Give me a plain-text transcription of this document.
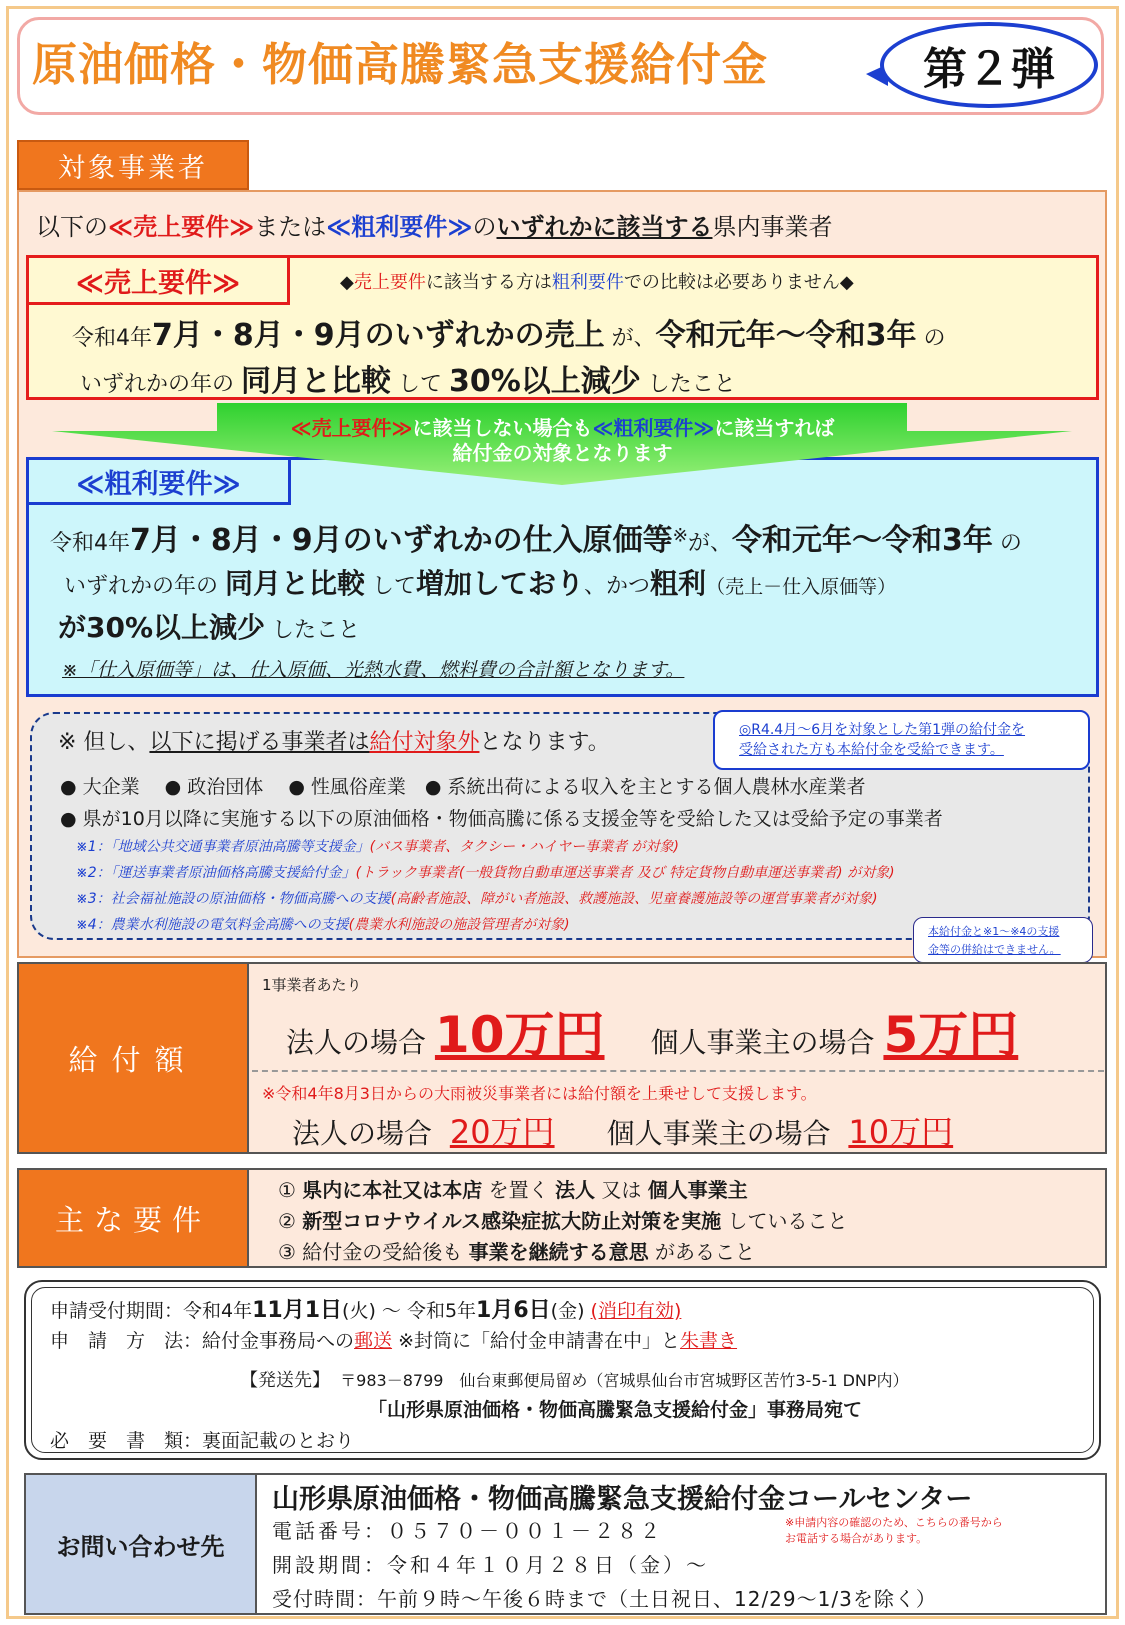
原油価格・物価高騰緊急支援給付金	第２弾
対象事業者
以下の≪売上要件≫または≪粗利要件≫のいずれかに該当する県内事業者
≪売上要件≫	◆売上要件に該当する方は粗利要件での比較は必要ありません◆
令和4年7月・8月・9月のいずれかの売上 が、令和元年～令和3年 の
いずれかの年の 同月と比較 して 30%以上減少 したこと
≪売上要件≫に該当しない場合も≪粗利要件≫に該当すれば
給付金の対象となります
≪粗利要件≫
令和4年7月・8月・9月のいずれかの仕入原価等※が、令和元年～令和3年 の
いずれかの年の 同月と比較 して増加しており、かつ粗利（売上－仕入原価等）
が30%以上減少 したこと
※「仕入原価等」は、仕入原価、光熱水費、燃料費の合計額となります。
※ 但し、以下に掲げる事業者は給付対象外となります。
● 大企業　 ● 政治団体　 ● 性風俗産業　● 系統出荷による収入を主とする個人農林水産業者
● 県が10月以降に実施する以下の原油価格・物価高騰に係る支援金等を受給した又は受給予定の事業者
※1：「地域公共交通事業者原油高騰等支援金」(バス事業者、タクシー・ハイヤー事業者 が対象)
※2：「運送事業者原油価格高騰支援給付金」(トラック事業者(一般貨物自動車運送事業者 及び 特定貨物自動車運送事業者) が対象)
※3：社会福祉施設の原油価格・物価高騰への支援(高齢者施設、障がい者施設、救護施設、児童養護施設等の運営事業者が対象)
※4：農業水利施設の電気料金高騰への支援(農業水利施設の施設管理者が対象)
◎R4.4月～6月を対象とした第1弾の給付金を
受給された方も本給付金を受給できます。
本給付金と※1～※4の支援
金等の併給はできません。
給付額
1事業者あたり
法人の場合 10万円 個人事業主の場合 5万円
※令和4年8月3日からの大雨被災事業者には給付額を上乗せして支援します。
法人の場合 20万円 個人事業主の場合 10万円
主な要件
① 県内に本社又は本店 を置く 法人 又は 個人事業主
② 新型コロナウイルス感染症拡大防止対策を実施 していること
③ 給付金の受給後も 事業を継続する意思 があること
申請受付期間：令和4年11月1日(火) ～ 令和5年1月6日(金) (消印有効)
申　請　方　法：給付金事務局への郵送 ※封筒に「給付金申請書在中」と朱書き
【発送先】 〒983－8799　仙台東郵便局留め（宮城県仙台市宮城野区苦竹3-5-1 DNP内）
「山形県原油価格・物価高騰緊急支援給付金」事務局宛て
必　要　書　類：裏面記載のとおり
お問い合わせ先
山形県原油価格・物価高騰緊急支援給付金コールセンター
電話番号：０５７０－００１－２８２
開設期間：令和４年１０月２８日（金）～
受付時間：午前９時～午後６時まで（土日祝日、12/29～1/3を除く）
※申請内容の確認のため、こちらの番号から
お電話する場合があります。
